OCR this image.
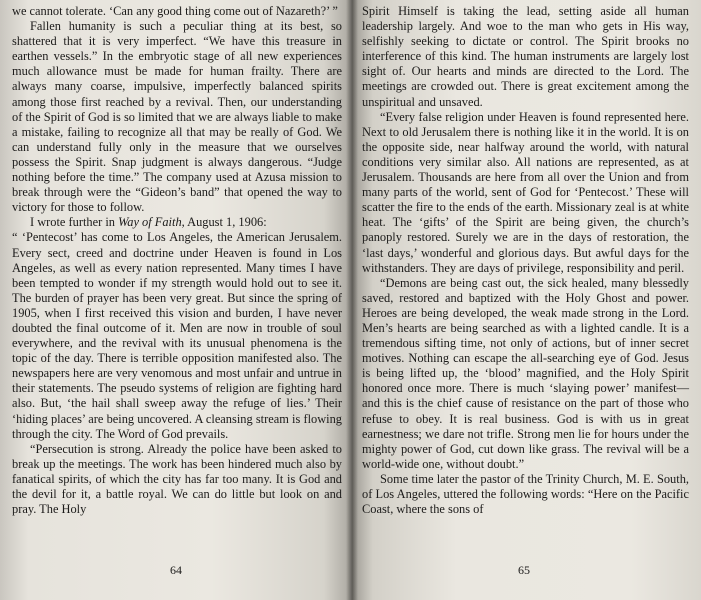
we cannot tolerate. ‘Can any good thing come out of Nazareth?’ ”

Fallen humanity is such a peculiar thing at its best, so shattered that it is very imperfect. “We have this treasure in earthen vessels.” In the embryotic stage of all new experiences much allowance must be made for human frailty. There are always many coarse, impulsive, imperfectly balanced spirits among those first reached by a revival. Then, our understanding of the Spirit of God is so limited that we are always liable to make a mistake, failing to recognize all that may be really of God. We can understand fully only in the measure that we ourselves possess the Spirit. Snap judgment is always dangerous. “Judge nothing before the time.” The company used at Azusa mission to break through were the “Gideon’s band” that opened the way to victory for those to follow.

I wrote further in Way of Faith, August 1, 1906:

“ ‘Pentecost’ has come to Los Angeles, the American Jerusalem. Every sect, creed and doctrine under Heaven is found in Los Angeles, as well as every nation represented. Many times I have been tempted to wonder if my strength would hold out to see it. The burden of prayer has been very great. But since the spring of 1905, when I first received this vision and burden, I have never doubted the final outcome of it. Men are now in trouble of soul everywhere, and the revival with its unusual phenomena is the topic of the day. There is terrible opposition manifested also. The newspapers here are very venomous and most unfair and untrue in their statements. The pseudo systems of religion are fighting hard also. But, ‘the hail shall sweep away the refuge of lies.’ Their ‘hiding places’ are being uncovered. A cleansing stream is flowing through the city. The Word of God prevails.

“Persecution is strong. Already the police have been asked to break up the meetings. The work has been hindered much also by fanatical spirits, of which the city has far too many. It is God and the devil for it, a battle royal. We can do little but look on and pray. The Holy

64

Spirit Himself is taking the lead, setting aside all human leadership largely. And woe to the man who gets in His way, selfishly seeking to dictate or control. The Spirit brooks no interference of this kind. The human instruments are largely lost sight of. Our hearts and minds are directed to the Lord. The meetings are crowded out. There is great excitement among the unspiritual and unsaved.

“Every false religion under Heaven is found represented here. Next to old Jerusalem there is nothing like it in the world. It is on the opposite side, near halfway around the world, with natural conditions very similar also. All nations are represented, as at Jerusalem. Thousands are here from all over the Union and from many parts of the world, sent of God for ‘Pentecost.’ These will scatter the fire to the ends of the earth. Missionary zeal is at white heat. The ‘gifts’ of the Spirit are being given, the church’s panoply restored. Surely we are in the days of restoration, the ‘last days,’ wonderful and glorious days. But awful days for the withstanders. They are days of privilege, responsibility and peril.

“Demons are being cast out, the sick healed, many blessedly saved, restored and baptized with the Holy Ghost and power. Heroes are being developed, the weak made strong in the Lord. Men’s hearts are being searched as with a lighted candle. It is a tremendous sifting time, not only of actions, but of inner secret motives. Nothing can escape the all-searching eye of God. Jesus is being lifted up, the ‘blood’ magnified, and the Holy Spirit honored once more. There is much ‘slaying power’ manifest—and this is the chief cause of resistance on the part of those who refuse to obey. It is real business. God is with us in great earnestness; we dare not trifle. Strong men lie for hours under the mighty power of God, cut down like grass. The revival will be a world-wide one, without doubt.”

Some time later the pastor of the Trinity Church, M. E. South, of Los Angeles, uttered the following words: “Here on the Pacific Coast, where the sons of

65
